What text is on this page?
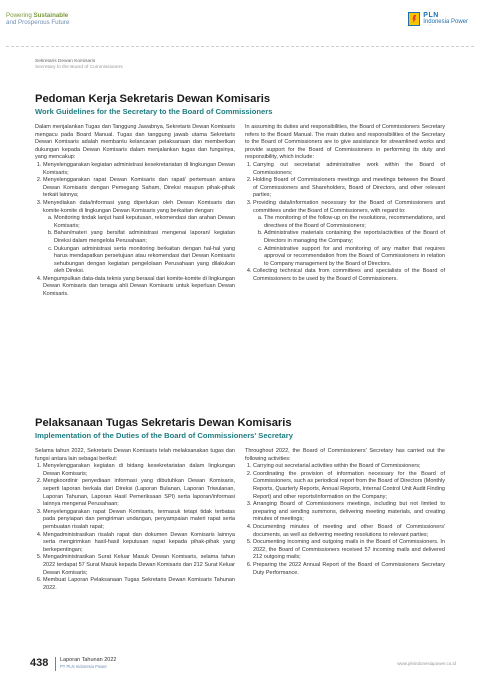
Powering Sustainable
and Prosperous Future
PLN
Indonesia Power
Sekretaris Dewan Komisaris
Secretary to the Board of Commissioners
Pedoman Kerja Sekretaris Dewan Komisaris
Work Guidelines for the Secretary to the Board of Commissioners

Dalam menjalankan Tugas dan Tanggung Jawabnya, Sekretaris Dewan Komisaris mengacu pada Board Manual. Tugas dan tanggung jawab utama Sekretaris Dewan Komisaris adalah membantu kelancaran pelaksanaan dan memberikan dukungan kepada Dewan Komisaris dalam menjalankan tugas dan fungsinya, yang mencakup:

1. Menyelenggarakan kegiatan administrasi kesekretariatan di lingkungan Dewan Komisaris;
2. Menyelenggarakan rapat Dewan Komisaris dan rapat/ pertemuan antara Dewan Komisaris dengan Pemegang Saham, Direksi maupun pihak-pihak terkait lainnya;
3. Menyediakan data/informasi yang diperlukan oleh Dewan Komisaris dan komite-komite di lingkungan Dewan Komisaris yang berkaitan dengan:
a. Monitoring tindak lanjut hasil keputusan, rekomendasi dan arahan Dewan Komisaris;
b. Bahan/materi yang bersifat administrasi mengenai laporan/ kegiatan Direksi dalam mengelola Perusahaan;
c. Dukungan administrasi serta monitoring berkaitan dengan hal-hal yang harus mendapatkan persetujuan atau rekomendasi dari Dewan Komisaris sehubungan dengan kegiatan pengelolaan Perusahaan yang dilakukan oleh Direksi.
4. Mengumpulkan data-data teknis yang berasal dari komite-komite di lingkungan Dewan Komisaris dan tenaga ahli Dewan Komisaris untuk keperluan Dewan Komisaris.

In assuming its duties and responsibilities, the Board of Commissioners Secretary refers to the Board Manual. The main duties and responsibilities of the Secretary to the Board of Commissioners are to give assistance for streamlined works and provide support for the Board of Commissioners in performing its duty and responsibility, which include:

1. Carrying out secretariat administrative work within the Board of Commissioners;
2. Holding Board of Commissioners meetings and meetings between the Board of Commissioners and Shareholders, Board of Directors, and other relevant parties;
3. Providing data/information necessary for the Board of Commissioners and committees under the Board of Commissioners, with regard to:
a. The monitoring of the follow-up on the resolutions, recommendations, and directives of the Board of Commissioners;
b. Administrative materials containing the reports/activities of the Board of Directors in managing the Company;
c. Administrative support for and monitoring of any matter that requires approval or recommendation from the Board of Commissioners in relation to Company management by the Board of Directors.
4. Collecting technical data from committees and specialists of the Board of Commissioners to be used by the Board of Commissioners.
Pelaksanaan Tugas Sekretaris Dewan Komisaris
Implementation of the Duties of the Board of Commissioners' Secretary

Selama tahun 2022, Sekretaris Dewan Komisaris telah melaksanakan tugas dan fungsi antara lain sebagai berikut:

1. Menyelenggarakan kegiatan di bidang kesekretariatan dalam lingkungan Dewan Komisaris;
2. Mengkoordinir penyediaan informasi yang dibutuhkan Dewan Komisaris, seperti laporan berkala dari Direksi (Laporan Bulanan, Laporan Triwulanan, Laporan Tahunan, Laporan Hasil Pemeriksaan SPI) serta laporan/informasi lainnya mengenai Perusahaan;
3. Menyelenggarakan rapat Dewan Komisaris, termasuk tetapi tidak terbatas pada penyiapan dan pengiriman undangan, penyampaian materi rapat serta pembuatan risalah rapat;
4. Mengadministrasikan risalah rapat dan dokumen Dewan Komisaris lainnya serta mengirimkan hasil-hasil keputusan rapat kepada pihak-pihak yang berkepentingan;
5. Mengadministrasikan Surat Keluar Masuk Dewan Komisaris, selama tahun 2022 terdapat 57 Surat Masuk kepada Dewan Komisaris dan 212 Surat Keluar Dewan Komisaris;
6. Membuat Laporan Pelaksanaan Tugas Sekretaris Dewan Komisaris Tahunan 2022.

Throughout 2022, the Board of Commissioners' Secretary has carried out the following activities:

1. Carrying out secretarial activities within the Board of Commissioners;
2. Coordinating the provision of information necessary for the Board of Commissioners, such as periodical report from the Board of Directors (Monthly Reports, Quarterly Reports, Annual Reports, Internal Control Unit Audit Finding Report) and other reports/information on the Company;
3. Arranging Board of Commissioners meetings, including but not limited to preparing and sending summons, delivering meeting materials, and creating minutes of meetings;
4. Documenting minutes of meeting and other Board of Commissioners' documents, as well as delivering meeting resolutions to relevant parties;
5. Documenting incoming and outgoing mails in the Board of Commissioners. In 2022, the Board of Commissioners received 57 incoming mails and delivered 212 outgoing mails;
6. Preparing the 2022 Annual Report of the Board of Commissioners Secretary Duty Performance.
438 Laporan Tahunan 2022
PT PLN Indonesia Power	www.plnindonesiapower.co.id
